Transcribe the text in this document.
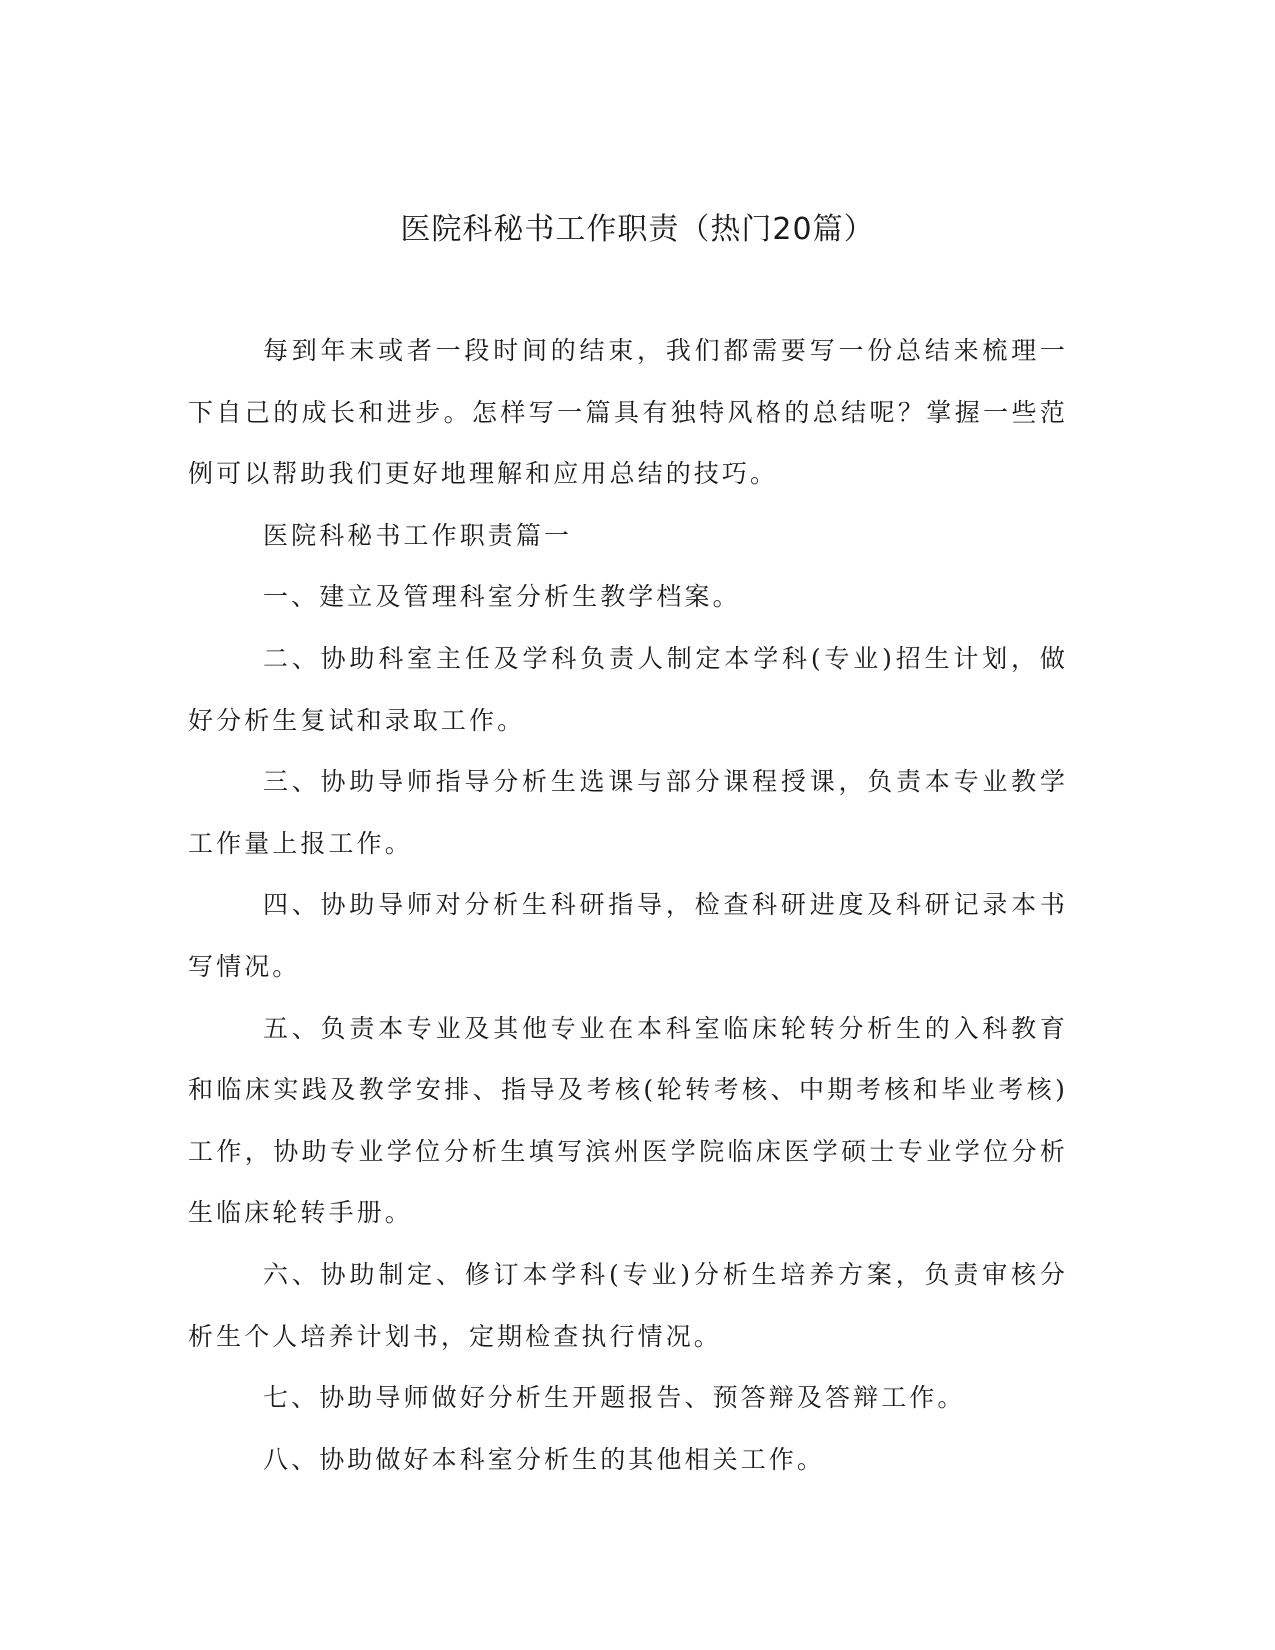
医院科秘书工作职责（热门20篇）

每到年末或者一段时间的结束，我们都需要写一份总结来梳理一下自己的成长和进步。怎样写一篇具有独特风格的总结呢？掌握一些范例可以帮助我们更好地理解和应用总结的技巧。

医院科秘书工作职责篇一

一、建立及管理科室分析生教学档案。

二、协助科室主任及学科负责人制定本学科(专业)招生计划，做好分析生复试和录取工作。

三、协助导师指导分析生选课与部分课程授课，负责本专业教学工作量上报工作。

四、协助导师对分析生科研指导，检查科研进度及科研记录本书写情况。

五、负责本专业及其他专业在本科室临床轮转分析生的入科教育和临床实践及教学安排、指导及考核(轮转考核、中期考核和毕业考核)工作，协助专业学位分析生填写滨州医学院临床医学硕士专业学位分析生临床轮转手册。

六、协助制定、修订本学科(专业)分析生培养方案，负责审核分析生个人培养计划书，定期检查执行情况。

七、协助导师做好分析生开题报告、预答辩及答辩工作。

八、协助做好本科室分析生的其他相关工作。
